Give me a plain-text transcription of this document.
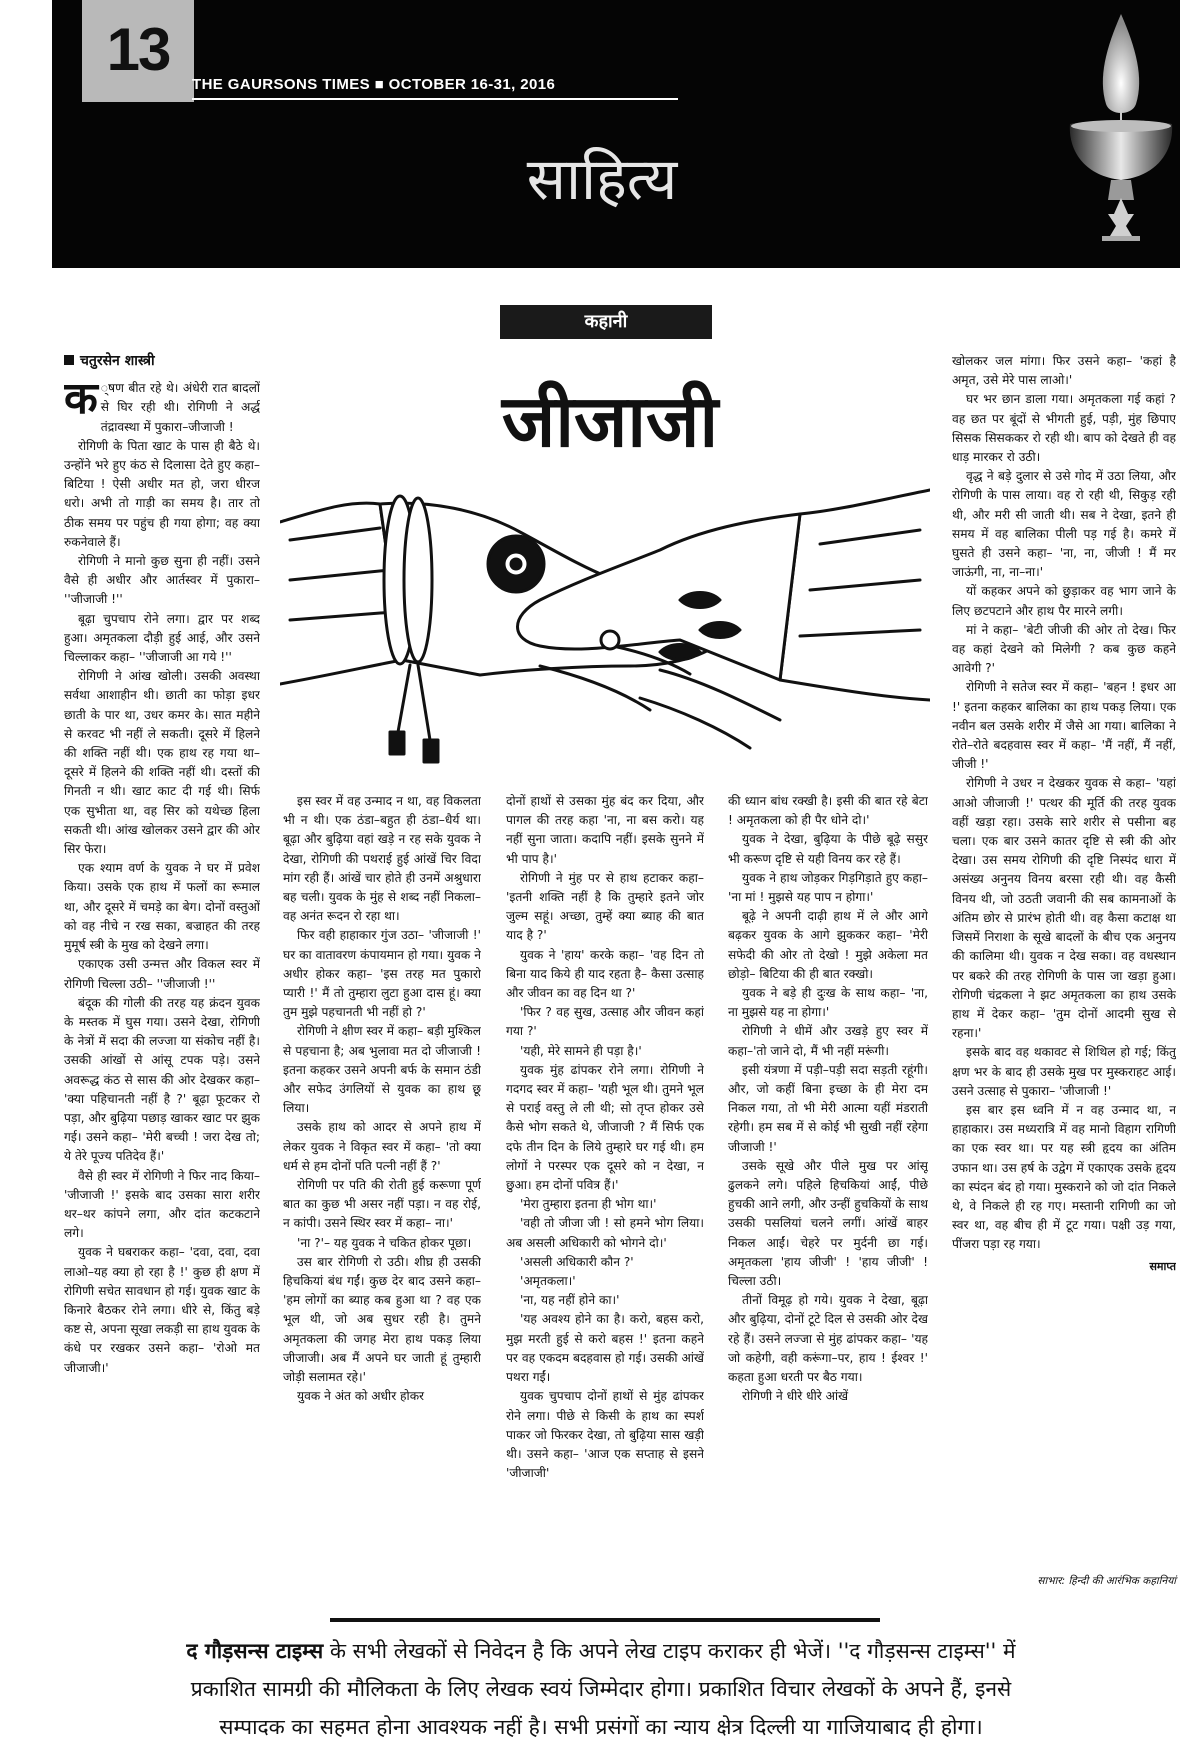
13
THE GAURSONS TIMES ■ OCTOBER 16-31, 2016
साहित्य
कहानी
जीजाजी
चतुरसेन शास्त्री

क ्षण बीत रहे थे। अंधेरी रात बादलों से घिर रही थी। रोगिणी ने अर्द्ध तंद्रावस्था में पुकारा–जीजाजी !

रोगिणी के पिता खाट के पास ही बैठे थे। उन्होंने भरे हुए कंठ से दिलासा देते हुए कहा–बिटिया ! ऐसी अधीर मत हो, जरा धीरज धरो। अभी तो गाड़ी का समय है। तार तो ठीक समय पर पहुंच ही गया होगा; वह क्या रुकनेवाले हैं।

रोगिणी ने मानो कुछ सुना ही नहीं। उसने वैसे ही अधीर और आर्तस्वर में पुकारा– ''जीजाजी !''

बूढ़ा चुपचाप रोने लगा। द्वार पर शब्द हुआ। अमृतकला दौड़ी हुई आई, और उसने चिल्लाकर कहा– ''जीजाजी आ गये !''

रोगिणी ने आंख खोली। उसकी अवस्था सर्वथा आशाहीन थी। छाती का फोड़ा इधर छाती के पार था, उधर कमर के। सात महीने से करवट भी नहीं ले सकती। दूसरे में हिलने की शक्ति नहीं थी। एक हाथ रह गया था–दूसरे में हिलने की शक्ति नहीं थी। दस्तों की गिनती न थी। खाट काट दी गई थी। सिर्फ एक सुभीता था, वह सिर को यथेच्छ हिला सकती थी। आंख खोलकर उसने द्वार की ओर सिर फेरा।

एक श्याम वर्ण के युवक ने घर में प्रवेश किया। उसके एक हाथ में फलों का रूमाल था, और दूसरे में चमड़े का बेग। दोनों वस्तुओं को वह नीचे न रख सका, बज्राहत की तरह मुमूर्ष स्त्री के मुख को देखने लगा।

एकाएक उसी उन्मत्त और विकल स्वर में रोगिणी चिल्ला उठी– ''जीजाजी !''

बंदूक की गोली की तरह यह क्रंदन युवक के मस्तक में घुस गया। उसने देखा, रोगिणी के नेत्रों में सदा की लज्जा या संकोच नहीं है। उसकी आंखों से आंसू टपक पड़े। उसने अवरूद्ध कंठ से सास की ओर देखकर कहा– 'क्या पहिचानती नहीं है ?' बूढ़ा फूटकर रो पड़ा, और बुढ़िया पछाड़ खाकर खाट पर झुक गई। उसने कहा– 'मेरी बच्ची ! जरा देख तो; ये तेरे पूज्य पतिदेव हैं।'

वैसे ही स्वर में रोगिणी ने फिर नाद किया– 'जीजाजी !' इसके बाद उसका सारा शरीर थर–थर कांपने लगा, और दांत कटकटाने लगे।

युवक ने घबराकर कहा– 'दवा, दवा, दवा लाओ–यह क्या हो रहा है !' कुछ ही क्षण में रोगिणी सचेत सावधान हो गई। युवक खाट के किनारे बैठकर रोने लगा। धीरे से, किंतु बड़े कष्ट से, अपना सूखा लकड़ी सा हाथ युवक के कंधे पर रखकर उसने कहा– 'रोओ मत जीजाजी।'

इस स्वर में वह उन्माद न था, वह विकलता भी न थी। एक ठंडा–बहुत ही ठंडा–धैर्य था। बूढ़ा और बुढ़िया वहां खड़े न रह सके युवक ने देखा, रोगिणी की पथराई हुई आंखें चिर विदा मांग रही हैं। आंखें चार होते ही उनमें अश्रुधारा बह चली। युवक के मुंह से शब्द नहीं निकला– वह अनंत रूदन रो रहा था।

फिर वही हाहाकार गुंज उठा– 'जीजाजी !' घर का वातावरण कंपायमान हो गया। युवक ने अधीर होकर कहा– 'इस तरह मत पुकारो प्यारी !' मैं तो तुम्हारा लुटा हुआ दास हूं। क्या तुम मुझे पहचानती भी नहीं हो ?'

रोगिणी ने क्षीण स्वर में कहा– बड़ी मुश्किल से पहचाना है; अब भुलावा मत दो जीजाजी ! इतना कहकर उसने अपनी बर्फ के समान ठंडी और सफेद उंगलियों से युवक का हाथ छू लिया।

उसके हाथ को आदर से अपने हाथ में लेकर युवक ने विकृत स्वर में कहा– 'तो क्या धर्म से हम दोनों पति पत्नी नहीं हैं ?'

रोगिणी पर पति की रोती हुई करूणा पूर्ण बात का कुछ भी असर नहीं पड़ा। न वह रोई, न कांपी। उसने स्थिर स्वर में कहा– ना।'

'ना ?'– यह युवक ने चकित होकर पूछा।

उस बार रोगिणी रो उठी। शीघ्र ही उसकी हिचकियां बंध गईं। कुछ देर बाद उसने कहा– 'हम लोगों का ब्याह कब हुआ था ? वह एक भूल थी, जो अब सुधर रही है। तुमने अमृतकला की जगह मेरा हाथ पकड़ लिया जीजाजी। अब मैं अपने घर जाती हूं तुम्हारी जोड़ी सलामत रहे।'

युवक ने अंत को अधीर होकर

दोनों हाथों से उसका मुंह बंद कर दिया, और पागल की तरह कहा 'ना, ना बस करो। यह नहीं सुना जाता। कदापि नहीं। इसके सुनने में भी पाप है।'

रोगिणी ने मुंह पर से हाथ हटाकर कहा– 'इतनी शक्ति नहीं है कि तुम्हारे इतने जोर जुल्म सहूं। अच्छा, तुम्हें क्या ब्याह की बात याद है ?'

युवक ने 'हाय' करके कहा– 'वह दिन तो बिना याद किये ही याद रहता है– कैसा उत्साह और जीवन का वह दिन था ?'

'फिर ? वह सुख, उत्साह और जीवन कहां गया ?'

'यही, मेरे सामने ही पड़ा है।'

युवक मुंह ढांपकर रोने लगा। रोगिणी ने गदगद स्वर में कहा– 'यही भूल थी। तुमने भूल से पराई वस्तु ले ली थी; सो तृप्त होकर उसे कैसे भोग सकते थे, जीजाजी ? मैं सिर्फ एक दफे तीन दिन के लिये तुम्हारे घर गई थी। हम लोगों ने परस्पर एक दूसरे को न देखा, न छुआ। हम दोनों पवित्र हैं।'

'मेरा तुम्हारा इतना ही भोग था।'

'वही तो जीजा जी ! सो हमने भोग लिया। अब असली अधिकारी को भोगने दो।'

'असली अधिकारी कौन ?'

'अमृतकला।'

'ना, यह नहीं होने का।'

'यह अवश्य होने का है। करो, बहस करो, मुझ मरती हुई से करो बहस !' इतना कहने पर वह एकदम बदहवास हो गई। उसकी आंखें पथरा गईं।

युवक चुपचाप दोनों हाथों से मुंह ढांपकर रोने लगा। पीछे से किसी के हाथ का स्पर्श पाकर जो फिरकर देखा, तो बुढ़िया सास खड़ी थी। उसने कहा– 'आज एक सप्ताह से इसने 'जीजाजी'

की ध्यान बांध रक्खी है। इसी की बात रहे बेटा ! अमृतकला को ही पैर धोने दो।'

युवक ने देखा, बुढ़िया के पीछे बूढ़े ससुर भी करूण दृष्टि से यही विनय कर रहे हैं।

युवक ने हाथ जोड़कर गिड़गिड़ाते हुए कहा– 'ना मां ! मुझसे यह पाप न होगा।'

बूढ़े ने अपनी दाढ़ी हाथ में ले और आगे बढ़कर युवक के आगे झुककर कहा– 'मेरी सफेदी की ओर तो देखो ! मुझे अकेला मत छोड़ो– बिटिया की ही बात रक्खो।

युवक ने बड़े ही दुःख के साथ कहा– 'ना, ना मुझसे यह ना होगा।'

रोगिणी ने धीमें और उखड़े हुए स्वर में कहा–'तो जाने दो, मैं भी नहीं मरूंगी।

इसी यंत्रणा में पड़ी–पड़ी सदा सड़ती रहूंगी। और, जो कहीं बिना इच्छा के ही मेरा दम निकल गया, तो भी मेरी आत्मा यहीं मंडराती रहेगी। हम सब में से कोई भी सुखी नहीं रहेगा जीजाजी !'

उसके सूखे और पीले मुख पर आंसू ढुलकने लगे। पहिले हिचकियां आईं, पीछे हुचकी आने लगी, और उन्हीं हुचकियों के साथ उसकी पसलियां चलने लगीं। आंखें बाहर निकल आईं। चेहरे पर मुर्दनी छा गई। अमृतकला 'हाय जीजी' ! 'हाय जीजी' ! चिल्ला उठी।

तीनों विमूढ़ हो गये। युवक ने देखा, बूढ़ा और बुढ़िया, दोनों टूटे दिल से उसकी ओर देख रहे हैं। उसने लज्जा से मुंह ढांपकर कहा– 'यह जो कहेगी, वही करूंगा–पर, हाय ! ईश्वर !' कहता हुआ धरती पर बैठ गया।

रोगिणी ने धीरे धीरे आंखें

खोलकर जल मांगा। फिर उसने कहा– 'कहां है अमृत, उसे मेरे पास लाओ।'

घर भर छान डाला गया। अमृतकला गई कहां ? वह छत पर बूंदों से भीगती हुई, पड़ी, मुंह छिपाए सिसक सिसककर रो रही थी। बाप को देखते ही वह धाड़ मारकर रो उठी।

वृद्ध ने बड़े दुलार से उसे गोद में उठा लिया, और रोगिणी के पास लाया। वह रो रही थी, सिकुड़ रही थी, और मरी सी जाती थी। सब ने देखा, इतने ही समय में वह बालिका पीली पड़ गई है। कमरे में घुसते ही उसने कहा– 'ना, ना, जीजी ! मैं मर जाऊंगी, ना, ना–ना।'

यों कहकर अपने को छुड़ाकर वह भाग जाने के लिए छटपटाने और हाथ पैर मारने लगी।

मां ने कहा– 'बेटी जीजी की ओर तो देख। फिर वह कहां देखने को मिलेगी ? कब कुछ कहने आवेगी ?'

रोगिणी ने सतेज स्वर में कहा– 'बहन ! इधर आ !' इतना कहकर बालिका का हाथ पकड़ लिया। एक नवीन बल उसके शरीर में जैसे आ गया। बालिका ने रोते–रोते बदहवास स्वर में कहा– 'मैं नहीं, मैं नहीं, जीजी !'

रोगिणी ने उधर न देखकर युवक से कहा– 'यहां आओ जीजाजी !' पत्थर की मूर्ति की तरह युवक वहीं खड़ा रहा। उसके सारे शरीर से पसीना बह चला। एक बार उसने कातर दृष्टि से स्त्री की ओर देखा। उस समय रोगिणी की दृष्टि निस्पंद धारा में असंख्य अनुनय विनय बरसा रही थी। वह कैसी विनय थी, जो उठती जवानी की सब कामनाओं के अंतिम छोर से प्रारंभ होती थी। वह कैसा कटाक्ष था जिसमें निराशा के सूखे बादलों के बीच एक अनुनय की कालिमा थी। युवक न देख सका। वह वधस्थान पर बकरे की तरह रोगिणी के पास जा खड़ा हुआ। रोगिणी चंद्रकला ने झट अमृतकला का हाथ उसके हाथ में देकर कहा– 'तुम दोनों आदमी सुख से रहना।'

इसके बाद वह थकावट से शिथिल हो गई; किंतु क्षण भर के बाद ही उसके मुख पर मुस्कराहट आई। उसने उत्साह से पुकारा– 'जीजाजी !'

इस बार इस ध्वनि में न वह उन्माद था, न हाहाकार। उस मध्यरात्रि में वह मानो विहाग रागिणी का एक स्वर था। पर यह स्त्री हृदय का अंतिम उफान था। उस हर्ष के उद्वेग में एकाएक उसके हृदय का स्पंदन बंद हो गया। मुस्कराने को जो दांत निकले थे, वे निकले ही रह गए। मस्तानी रागिणी का जो स्वर था, वह बीच ही में टूट गया। पक्षी उड़ गया, पींजरा पड़ा रह गया।

समाप्त
साभार: हिन्दी की आरंभिक कहानियां
द गौड़सन्स टाइम्स के सभी लेखकों से निवेदन है कि अपने लेख टाइप कराकर ही भेजें। ''द गौड़सन्स टाइम्स'' में
प्रकाशित सामग्री की मौलिकता के लिए लेखक स्वयं जिम्मेदार होगा। प्रकाशित विचार लेखकों के अपने हैं, इनसे
सम्पादक का सहमत होना आवश्यक नहीं है। सभी प्रसंगों का न्याय क्षेत्र दिल्ली या गाजियाबाद ही होगा।
